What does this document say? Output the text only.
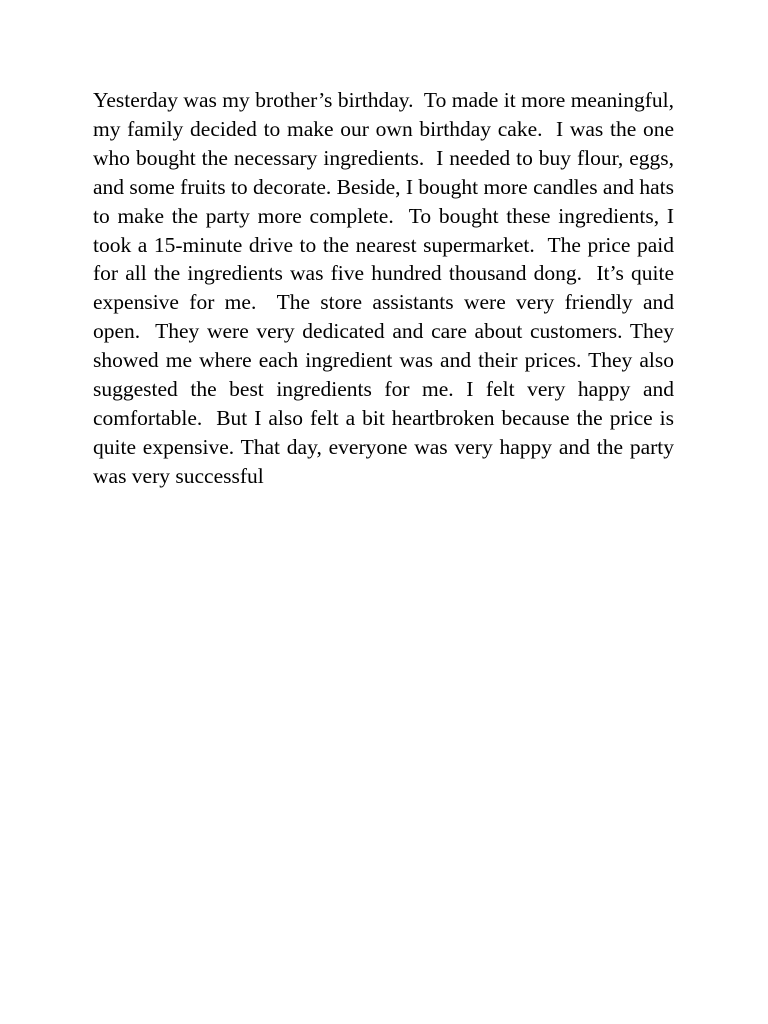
Yesterday was my brother’s birthday.  To made it more meaningful, my family decided to make our own birthday cake.  I was the one who bought the necessary ingredients.  I needed to buy flour, eggs, and some fruits to decorate. Beside, I bought more candles and hats to make the party more complete.  To bought these ingredients, I took a 15-minute drive to the nearest supermarket.  The price paid for all the ingredients was five hundred thousand dong.  It’s quite expensive for me.  The store assistants were very friendly and open.  They were very dedicated and care about customers. They showed me where each ingredient was and their prices. They also suggested the best ingredients for me. I felt very happy and comfortable.  But I also felt a bit heartbroken because the price is quite expensive. That day, everyone was very happy and the party was very successful
